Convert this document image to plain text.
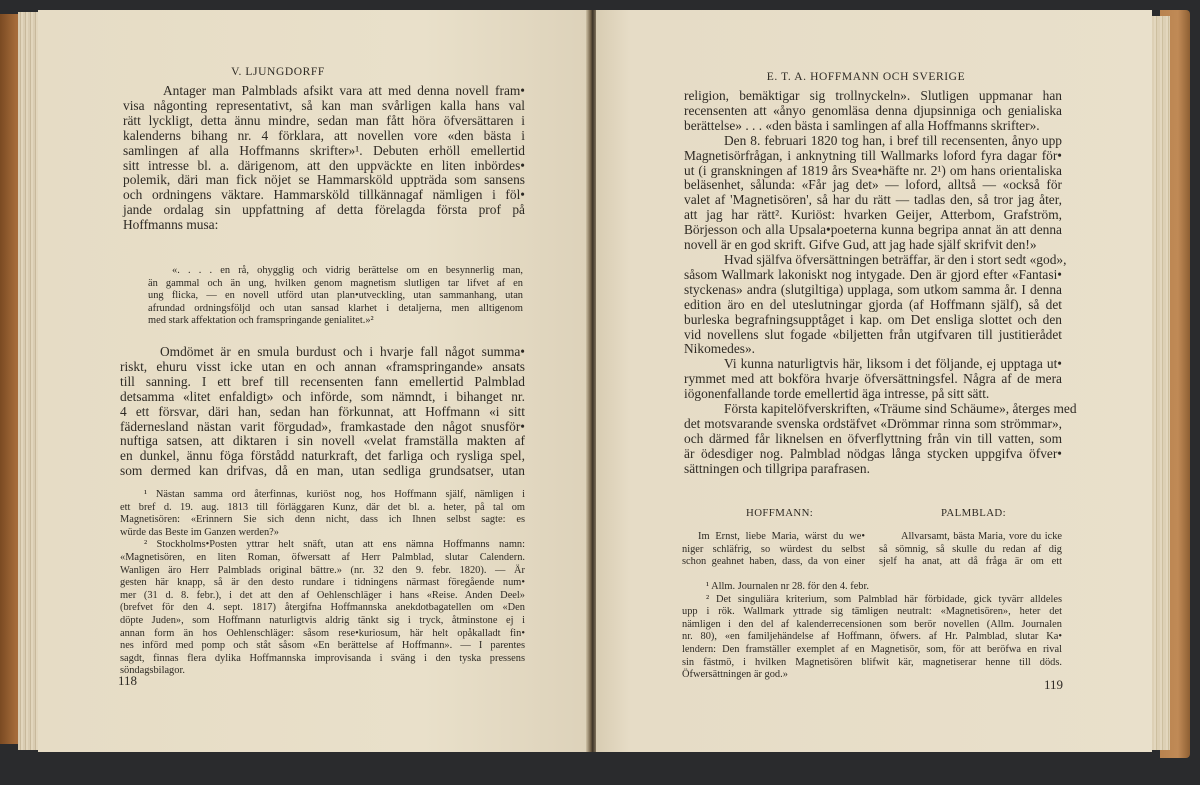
V. LJUNGDORFF
Antager man Palmblads afsikt vara att med denna novell fram•
visa någonting representativt, så kan man svårligen kalla hans val
rätt lyckligt, detta ännu mindre, sedan man fått höra öfversättaren i
kalenderns bihang nr. 4 förklara, att novellen vore «den bästa i
samlingen af alla Hoffmanns skrifter»¹. Debuten erhöll emellertid
sitt intresse bl. a. därigenom, att den uppväckte en liten inbördes•
polemik, däri man fick nöjet se Hammarsköld uppträda som sansens
och ordningens väktare. Hammarsköld tillkännagaf nämligen i föl•
jande ordalag sin uppfattning af detta förelagda första prof på
Hoffmanns musa:
«. . . . en rå, ohygglig och vidrig berättelse om en besynnerlig man,
än gammal och än ung, hvilken genom magnetism slutligen tar lifvet af en
ung flicka, — en novell utförd utan plan•utveckling, utan sammanhang, utan
afrundad ordningsföljd och utan sansad klarhet i detaljerna, men alltigenom
med stark affektation och framspringande genialitet.»²
Omdömet är en smula burdust och i hvarje fall något summa•
riskt, ehuru visst icke utan en och annan «framspringande» ansats
till sanning. I ett bref till recensenten fann emellertid Palmblad
detsamma «litet enfaldigt» och införde, som nämndt, i bihanget nr.
4 ett försvar, däri han, sedan han förkunnat, att Hoffmann «i sitt
fädernesland nästan varit förgudad», framkastade den något snusför•
nuftiga satsen, att diktaren i sin novell «velat framställa makten af
en dunkel, ännu föga förstådd naturkraft, det farliga och rysliga spel,
som dermed kan drifvas, då en man, utan sedliga grundsatser, utan
¹ Nästan samma ord återfinnas, kuriöst nog, hos Hoffmann själf, nämligen i
ett bref d. 19. aug. 1813 till förläggaren Kunz, där det bl. a. heter, på tal om
Magnetisören: «Erinnern Sie sich denn nicht, dass ich Ihnen selbst sagte: es
würde das Beste im Ganzen werden?»
² Stockholms•Posten yttrar helt snäft, utan att ens nämna Hoffmanns namn:
«Magnetisören, en liten Roman, öfwersatt af Herr Palmblad, slutar Calendern.
Wanligen äro Herr Palmblads original bättre.» (nr. 32 den 9. febr. 1820). — Är
gesten här knapp, så är den desto rundare i tidningens närmast föregående num•
mer (31 d. 8. febr.), i det att den af Oehlenschläger i hans «Reise. Anden Deel»
(brefvet för den 4. sept. 1817) återgifna Hoffmannska anekdotbagatellen om «Den
döpte Juden», som Hoffmann naturligtvis aldrig tänkt sig i tryck, åtminstone ej i
annan form än hos Oehlenschläger: såsom rese•kuriosum, här helt opåkalladt fin•
nes införd med pomp och ståt såsom «En berättelse af Hoffmann». — I parentes
sagdt, finnas flera dylika Hoffmannska improvisanda i sväng i den tyska pressens
söndagsbilagor.
118
E. T. A. HOFFMANN OCH SVERIGE
religion, bemäktigar sig trollnyckeln». Slutligen uppmanar han
recensenten att «ånyo genomläsa denna djupsinniga och genialiska
berättelse» . . . «den bästa i samlingen af alla Hoffmanns skrifter».
Den 8. februari 1820 tog han, i bref till recensenten, ånyo upp
Magnetisörfrågan, i anknytning till Wallmarks loford fyra dagar för•
ut (i granskningen af 1819 års Svea•häfte nr. 2¹) om hans orientaliska
beläsenhet, sålunda: «Får jag det» — loford, alltså — «också för
valet af 'Magnetisören', så har du rätt — tadlas den, så tror jag åter,
att jag har rätt². Kuriöst: hvarken Geijer, Atterbom, Grafström,
Börjesson och alla Upsala•poeterna kunna begripa annat än att denna
novell är en god skrift. Gifve Gud, att jag hade själf skrifvit den!»
Hvad själfva öfversättningen beträffar, är den i stort sedt «god»,
såsom Wallmark lakoniskt nog intygade. Den är gjord efter «Fantasi•
styckenas» andra (slutgiltiga) upplaga, som utkom samma år. I denna
edition äro en del uteslutningar gjorda (af Hoffmann själf), så det
burleska begrafningsupptåget i kap. om Det ensliga slottet och den
vid novellens slut fogade «biljetten från utgifvaren till justitierådet
Nikomedes».
Vi kunna naturligtvis här, liksom i det följande, ej upptaga ut•
rymmet med att bokföra hvarje öfversättningsfel. Några af de mera
iögonenfallande torde emellertid äga intresse, på sitt sätt.
Första kapitelöfverskriften, «Träume sind Schäume», återges med
det motsvarande svenska ordstäfvet «Drömmar rinna som strömmar»,
och därmed får liknelsen en öfverflyttning från vin till vatten, som
är ödesdiger nog. Palmblad nödgas långa stycken uppgifva öfver•
sättningen och tillgripa parafrasen.
HOFFMANN:	PALMBLAD:
Im Ernst, liebe Maria, wärst du we•
niger schläfrig, so würdest du selbst
schon geahnet haben, dass, da von einer
Allvarsamt, bästa Maria, vore du icke
så sömnig, så skulle du redan af dig
sjelf ha anat, att då fråga är om ett
¹ Allm. Journalen nr 28. för den 4. febr.
² Det singuliära kriterium, som Palmblad här förbidade, gick tyvärr alldeles
upp i rök. Wallmark yttrade sig tämligen neutralt: «Magnetisören», heter det
nämligen i den del af kalenderrecensionen som berör novellen (Allm. Journalen
nr. 80), «en familjehändelse af Hoffmann, öfwers. af Hr. Palmblad, slutar Ka•
lendern: Den framställer exemplet af en Magnetisör, som, för att beröfwa en rival
sin fästmö, i hvilken Magnetisören blifwit kär, magnetiserar henne till döds.
Öfwersättningen är god.»
119
